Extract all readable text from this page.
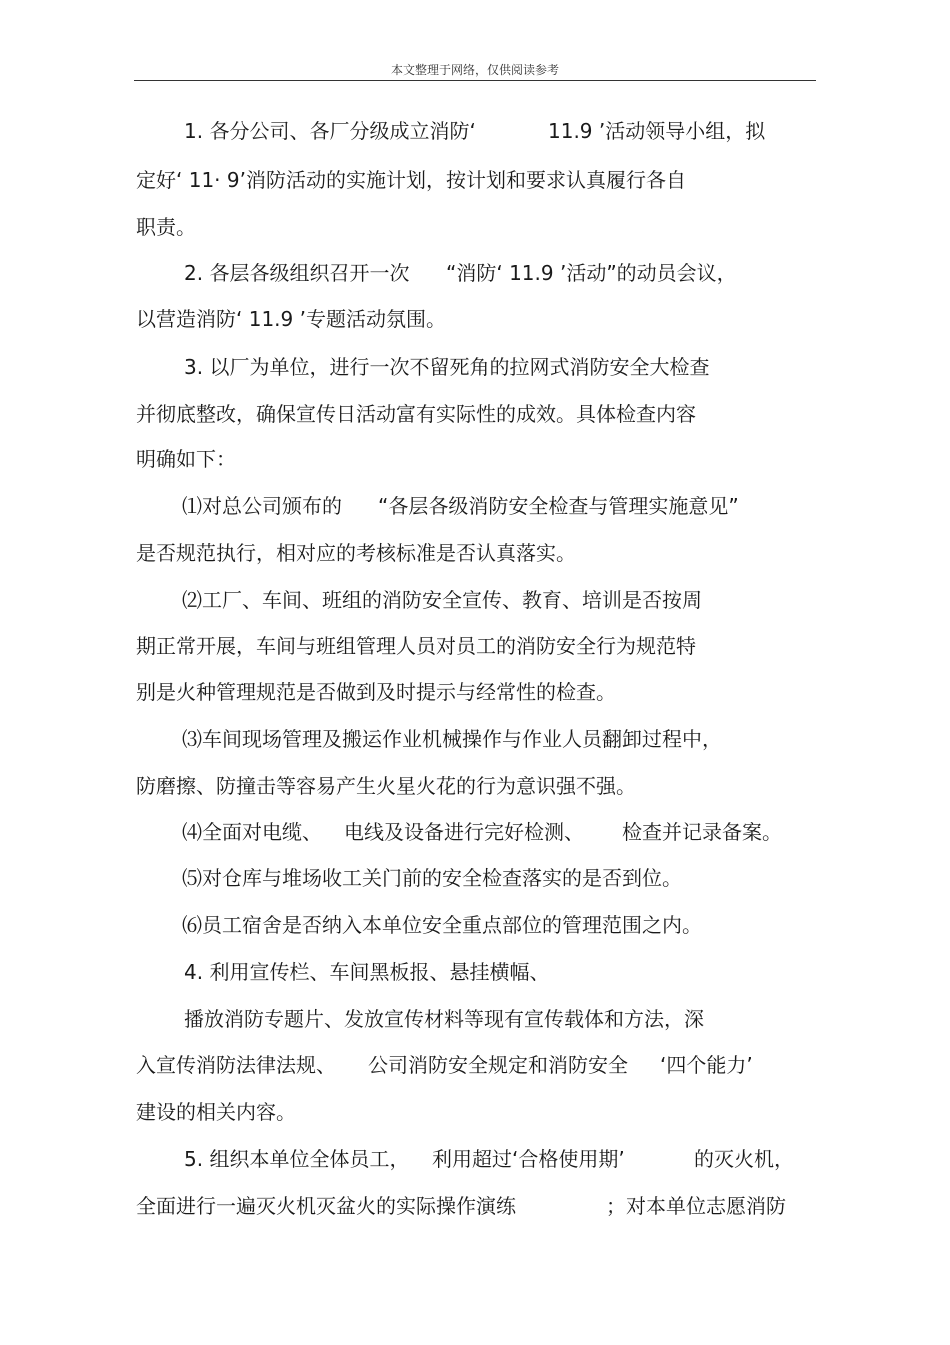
本文整理于网络，仅供阅读参考
1. 各分公司、各厂分级成立消防‘	11.9 ’活动领导小组，拟
定好‘ 11· 9’消防活动的实施计划，按计划和要求认真履行各自
职责。
2. 各层各级组织召开一次 “消防‘ 11.9 ’活动”的动员会议，
以营造消防‘ 11.9 ’专题活动氛围。
3. 以厂为单位，进行一次不留死角的拉网式消防安全大检查
并彻底整改，确保宣传日活动富有实际性的成效。具体检查内容
明确如下：
⑴对总公司颁布的 “各层各级消防安全检查与管理实施意见”
是否规范执行，相对应的考核标准是否认真落实。
⑵工厂、车间、班组的消防安全宣传、教育、培训是否按周
期正常开展，车间与班组管理人员对员工的消防安全行为规范特
别是火种管理规范是否做到及时提示与经常性的检查。
⑶车间现场管理及搬运作业机械操作与作业人员翻卸过程中，
防磨擦、防撞击等容易产生火星火花的行为意识强不强。
⑷全面对电缆、 电线及设备进行完好检测、 检查并记录备案。
⑸对仓库与堆场收工关门前的安全检查落实的是否到位。
⑹员工宿舍是否纳入本单位安全重点部位的管理范围之内。
4. 利用宣传栏、车间黑板报、悬挂横幅、
播放消防专题片、发放宣传材料等现有宣传载体和方法，深
入宣传消防法律法规、 公司消防安全规定和消防安全 ‘四个能力’
建设的相关内容。
5. 组织本单位全体员工， 利用超过‘合格使用期’	的灭火机，
全面进行一遍灭火机灭盆火的实际操作演练	；对本单位志愿消防
